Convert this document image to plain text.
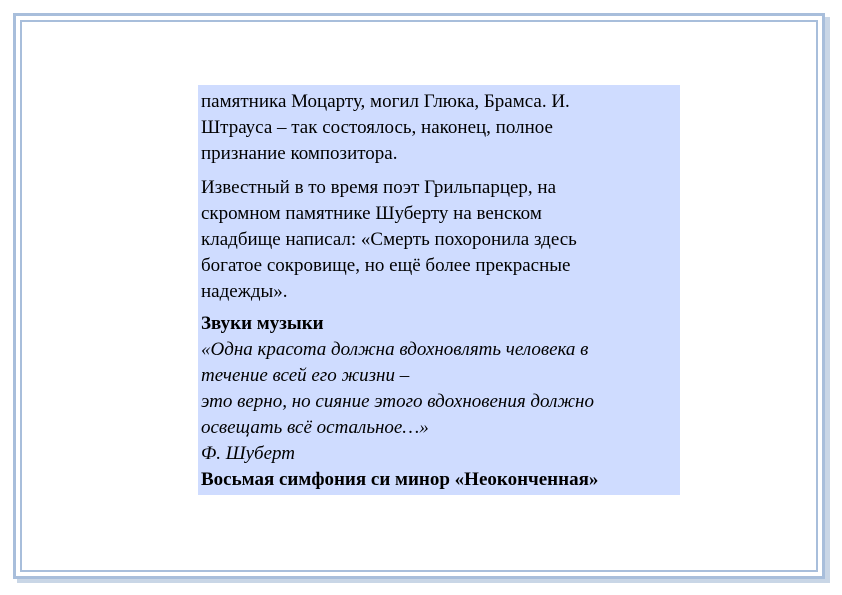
памятника Моцарту, могил Глюка, Брамса. И.
Штрауса – так состоялось, наконец, полное
признание композитора.
Известный в то время поэт Грильпарцер, на
скромном памятнике Шуберту на венском
кладбище написал: «Смерть похоронила здесь
богатое сокровище, но ещё более прекрасные
надежды».
Звуки музыки
«Одна красота должна вдохновлять человека в
течение всей его жизни –
это верно, но сияние этого вдохновения должно
освещать всё остальное…»
Ф. Шуберт
Восьмая симфония си минор «Неоконченная»
